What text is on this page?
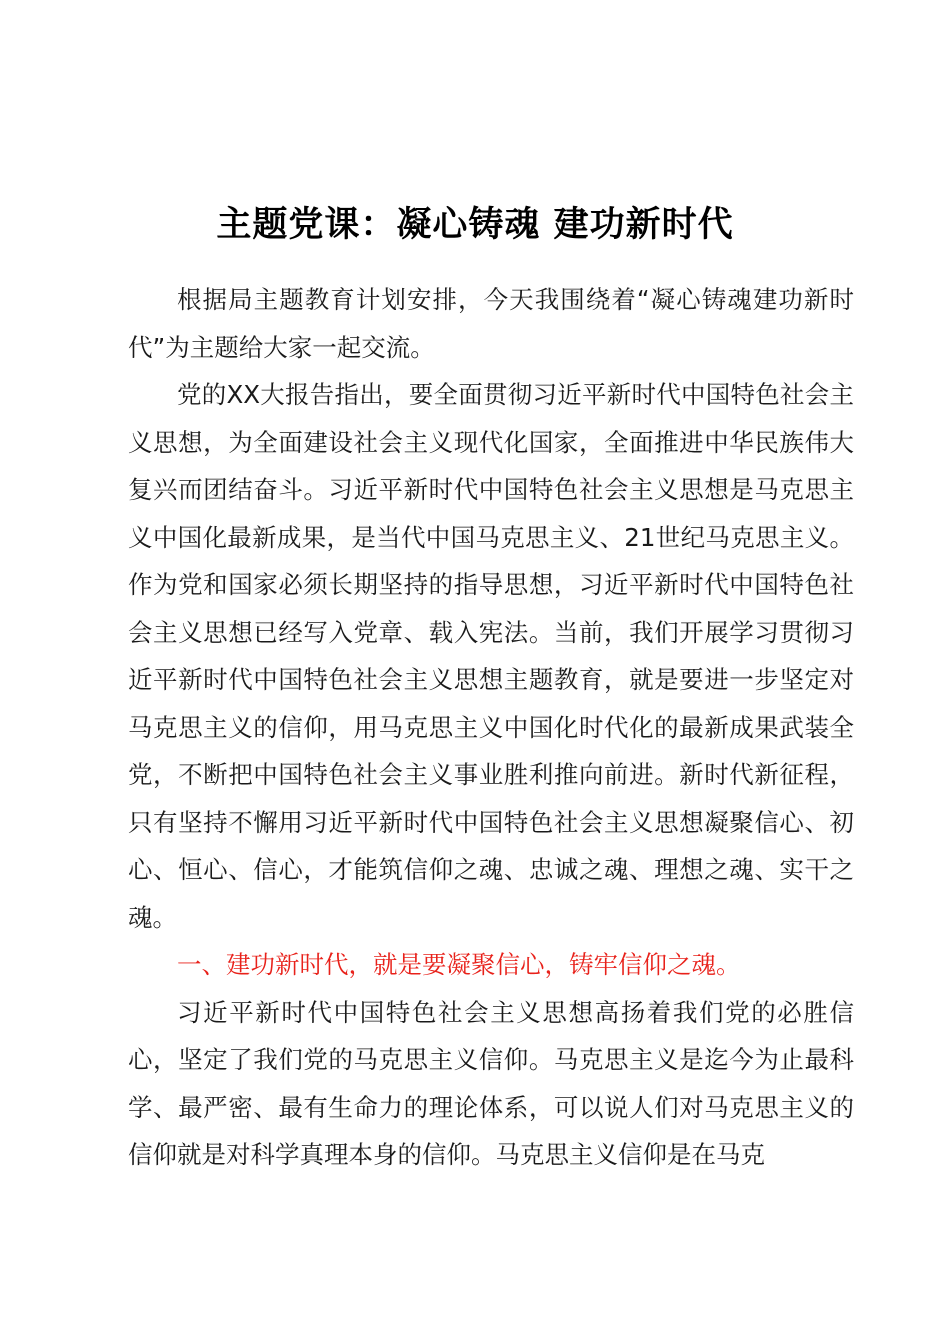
主题党课：凝心铸魂 建功新时代

根据局主题教育计划安排，今天我围绕着“凝心铸魂建功新时代”为主题给大家一起交流。

党的XX大报告指出，要全面贯彻习近平新时代中国特色社会主义思想，为全面建设社会主义现代化国家，全面推进中华民族伟大复兴而团结奋斗。习近平新时代中国特色社会主义思想是马克思主义中国化最新成果，是当代中国马克思主义、21世纪马克思主义。作为党和国家必须长期坚持的指导思想，习近平新时代中国特色社会主义思想已经写入党章、载入宪法。当前，我们开展学习贯彻习近平新时代中国特色社会主义思想主题教育，就是要进一步坚定对马克思主义的信仰，用马克思主义中国化时代化的最新成果武装全党，不断把中国特色社会主义事业胜利推向前进。新时代新征程，只有坚持不懈用习近平新时代中国特色社会主义思想凝聚信心、初心、恒心、信心，才能筑信仰之魂、忠诚之魂、理想之魂、实干之魂。

一、建功新时代，就是要凝聚信心，铸牢信仰之魂。

习近平新时代中国特色社会主义思想高扬着我们党的必胜信心，坚定了我们党的马克思主义信仰。马克思主义是迄今为止最科学、最严密、最有生命力的理论体系，可以说人们对马克思主义的信仰就是对科学真理本身的信仰。马克思主义信仰是在马克
